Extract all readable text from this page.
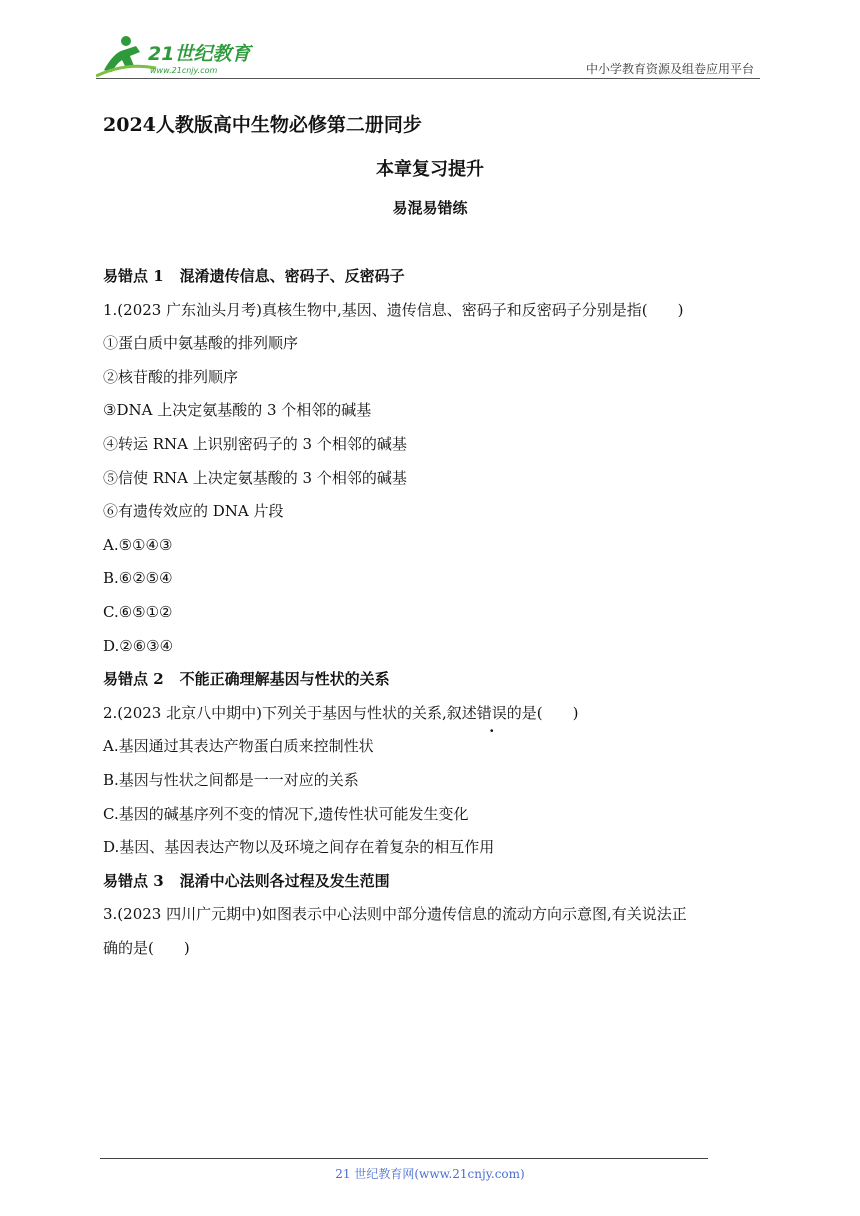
21世纪教育
www.21cnjy.com	中小学教育资源及组卷应用平台
2024人教版高中生物必修第二册同步
本章复习提升
易混易错练
易错点 1 混淆遗传信息、密码子、反密码子
1.(2023 广东汕头月考)真核生物中,基因、遗传信息、密码子和反密码子分别是指(　　)
①蛋白质中氨基酸的排列顺序
②核苷酸的排列顺序
③DNA 上决定氨基酸的 3 个相邻的碱基
④转运 RNA 上识别密码子的 3 个相邻的碱基
⑤信使 RNA 上决定氨基酸的 3 个相邻的碱基
⑥有遗传效应的 DNA 片段
A.⑤①④③
B.⑥②⑤④
C.⑥⑤①②
D.②⑥③④
易错点 2 不能正确理解基因与性状的关系
2.(2023 北京八中期中)下列关于基因与性状的关系,叙述错误的是(　　)
A.基因通过其表达产物蛋白质来控制性状
B.基因与性状之间都是一一对应的关系
C.基因的碱基序列不变的情况下,遗传性状可能发生变化
D.基因、基因表达产物以及环境之间存在着复杂的相互作用
易错点 3 混淆中心法则各过程及发生范围
3.(2023 四川广元期中)如图表示中心法则中部分遗传信息的流动方向示意图,有关说法正
确的是(　　)
21 世纪教育网(www.21cnjy.com)
